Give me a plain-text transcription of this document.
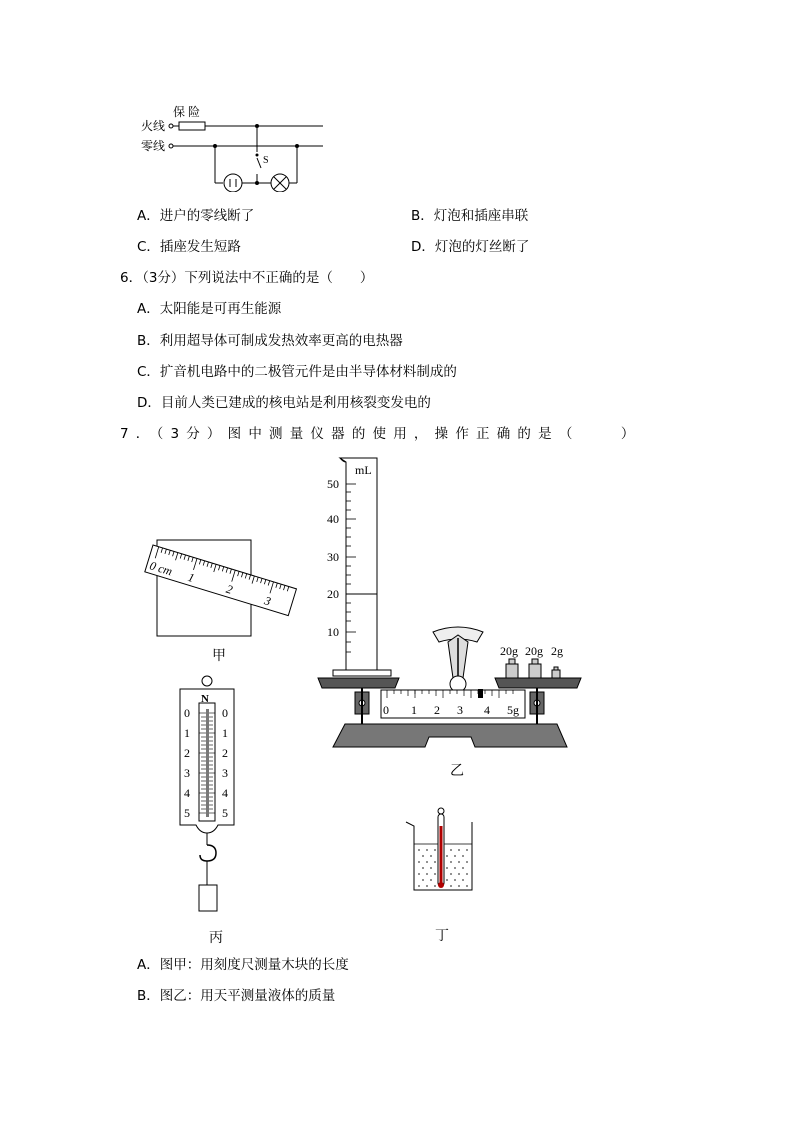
保 险
火线
零线
S
A．进户的零线断了	B．灯泡和插座串联
C．插座发生短路	D．灯泡的灯丝断了
6．（3分）下列说法中不正确的是（　　）
A．太阳能是可再生能源
B．利用超导体可制成发热效率更高的电热器
C．扩音机电路中的二极管元件是由半导体材料制成的
D．目前人类已建成的核电站是利用核裂变发电的
7．（3分）图中测量仪器的使用，操作正确的是（　　）
0 cm 1
2
3
甲
mL
50
40
30
20
10
20g 20g 2g
0 1 2 3 4 5g
乙
N
0
1
2
3
4
5
0
1
2
3
4
5
丙	丁
A．图甲：用刻度尺测量木块的长度
B．图乙：用天平测量液体的质量
